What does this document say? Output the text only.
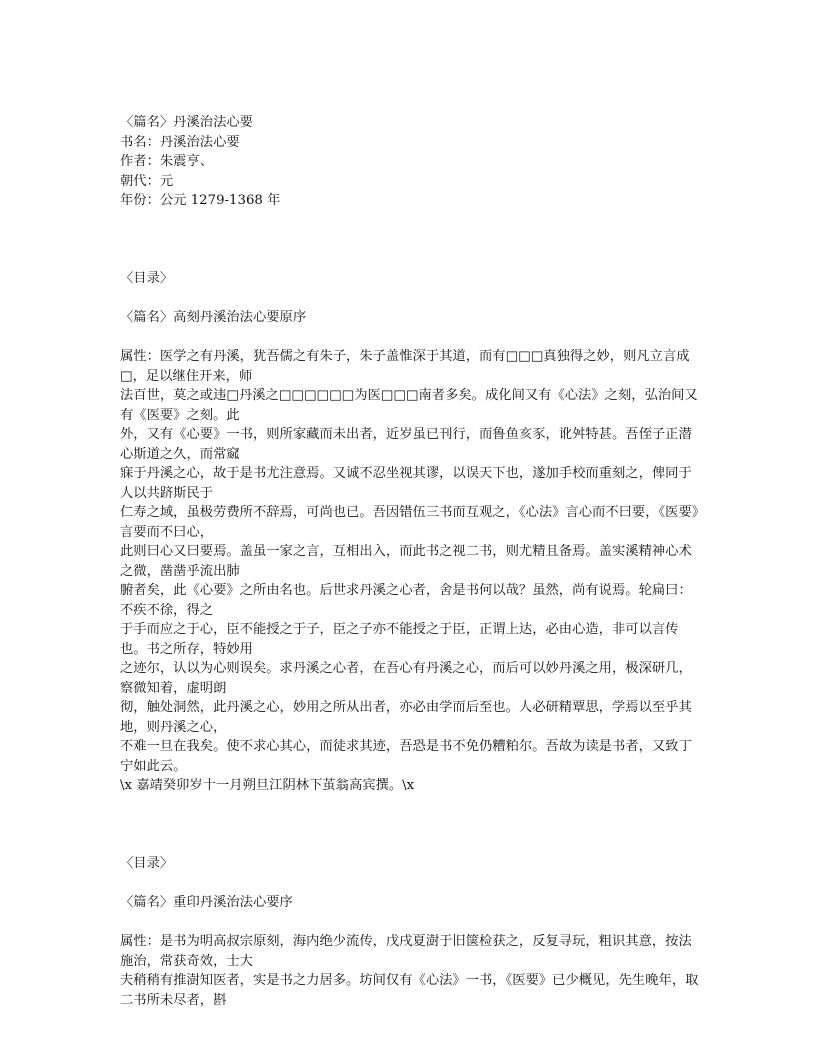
〈篇名〉丹溪治法心要

书名：丹溪治法心要

作者：朱震亨、

朝代：元

年份：公元 1279-1368 年

〈目录〉

〈篇名〉高刻丹溪治法心要原序

属性：医学之有丹溪，犹吾儒之有朱子，朱子盖惟深于其道，而有□□□真独得之妙，则凡立言成□，足以继住开来，师

法百世，莫之或违□丹溪之□□□□□□为医□□□南者多矣。成化间又有《心法》之刻，弘治间又有《医要》之刻。此

外，又有《心要》一书，则所家藏而未出者，近岁虽已刊行，而鲁鱼亥豕，讹舛特甚。吾侄子正潜心斯道之久，而常窳

寐于丹溪之心，故于是书尤注意焉。又诚不忍坐视其谬，以误天下也，遂加手校而重刻之，俾同于人以共跻斯民于

仁寿之域，虽极劳费所不辞焉，可尚也已。吾因错伍三书而互观之，《心法》言心而不曰要，《医要》言要而不曰心，

此则曰心又曰要焉。盖虽一家之言，互相出入，而此书之视二书，则尤精且备焉。盖实溪精神心术之微，凿凿乎流出肺

腑者矣，此《心要》之所由名也。后世求丹溪之心者，舍是书何以哉？虽然，尚有说焉。轮扁曰：不疾不徐，得之

于手而应之于心，臣不能授之于子，臣之子亦不能授之于臣，正谓上达，必由心造，非可以言传也。书之所存，特妙用

之迹尔，认以为心则误矣。求丹溪之心者，在吾心有丹溪之心，而后可以妙丹溪之用，极深研几，察微知着，虚明朗

彻，触处洞然，此丹溪之心，妙用之所从出者，亦必由学而后至也。人必研精覃思，学焉以至乎其地，则丹溪之心，

不难一旦在我矣。使不求心其心，而徒求其迹，吾恐是书不免仍糟粕尔。吾故为读是书者，又致丁宁如此云。

\x 嘉靖癸卯岁十一月朔旦江阴林下茧翁高宾撰。\x

〈目录〉

〈篇名〉重印丹溪治法心要序

属性：是书为明高叔宗原刻，海内绝少流传，戊戌夏澍于旧箧检获之，反复寻玩，粗识其意，按法施治，常获奇效，士大

夫稍稍有推澍知医者，实是书之力居多。坊间仅有《心法》一书，《医要》已少概见，先生晚年，取二书所未尽者，斟
